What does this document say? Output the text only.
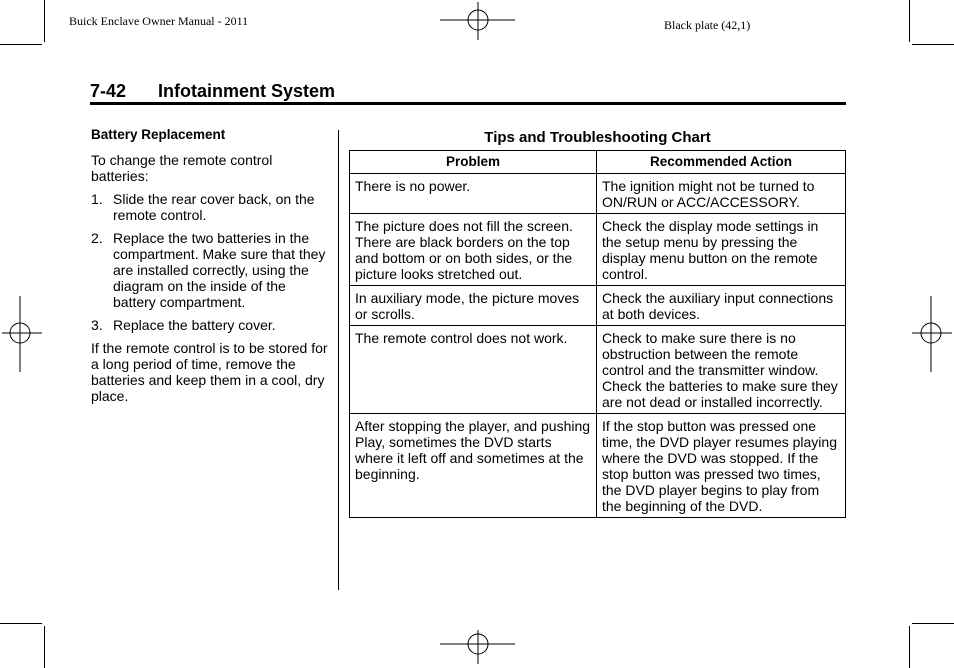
Buick Enclave Owner Manual - 2011	Black plate (42,1)
7-42 Infotainment System
Battery Replacement

To change the remote control batteries:

1. Slide the rear cover back, on the remote control.
2. Replace the two batteries in the compartment. Make sure that they are installed correctly, using the diagram on the inside of the battery compartment.
3. Replace the battery cover.

If the remote control is to be stored for a long period of time, remove the batteries and keep them in a cool, dry place.

Tips and Troubleshooting Chart
Problem	Recommended Action
There is no power.	The ignition might not be turned to ON/RUN or ACC/ACCESSORY.
The picture does not fill the screen. There are black borders on the top and bottom or on both sides, or the picture looks stretched out.	Check the display mode settings in the setup menu by pressing the display menu button on the remote control.
In auxiliary mode, the picture moves or scrolls.	Check the auxiliary input connections at both devices.
The remote control does not work.	Check to make sure there is no obstruction between the remote control and the transmitter window. Check the batteries to make sure they are not dead or installed incorrectly.
After stopping the player, and pushing Play, sometimes the DVD starts where it left off and sometimes at the beginning.	If the stop button was pressed one time, the DVD player resumes playing where the DVD was stopped. If the stop button was pressed two times, the DVD player begins to play from the beginning of the DVD.
